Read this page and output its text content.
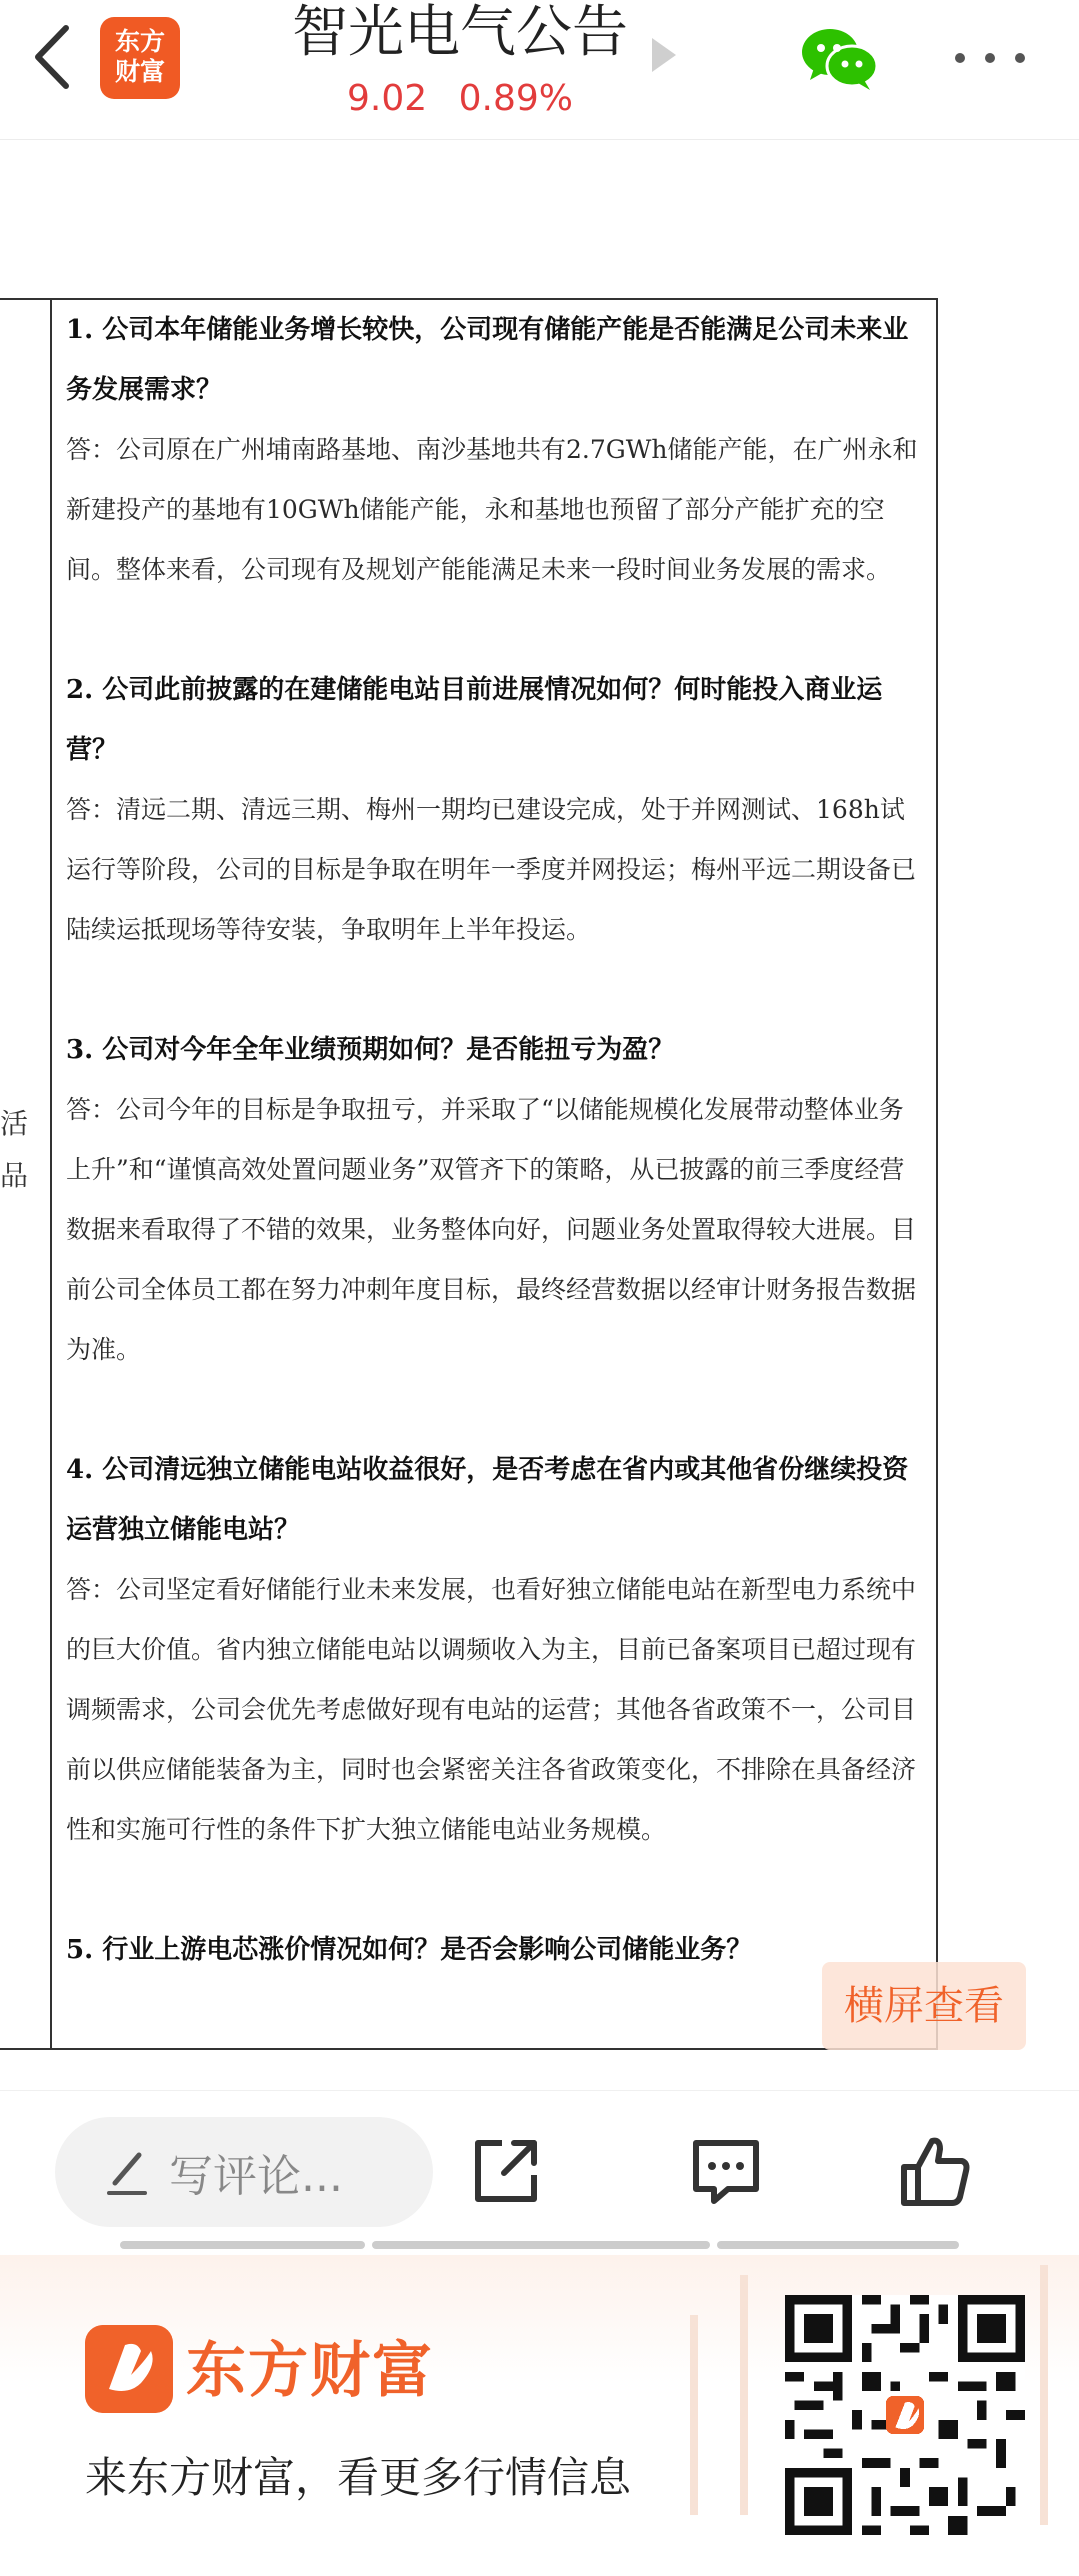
东方
财富
智光电气公告
9.02 0.89%
活
品
1. 公司本年储能业务增长较快，公司现有储能产能是否能满足公司未来业务发展需求？
答：公司原在广州埔南路基地、南沙基地共有2.7GWh储能产能，在广州永和新建投产的基地有10GWh储能产能，永和基地也预留了部分产能扩充的空间。整体来看，公司现有及规划产能能满足未来一段时间业务发展的需求。
2. 公司此前披露的在建储能电站目前进展情况如何？何时能投入商业运营？
答：清远二期、清远三期、梅州一期均已建设完成，处于并网测试、168h试运行等阶段，公司的目标是争取在明年一季度并网投运；梅州平远二期设备已陆续运抵现场等待安装，争取明年上半年投运。
3. 公司对今年全年业绩预期如何？是否能扭亏为盈？
答：公司今年的目标是争取扭亏，并采取了“以储能规模化发展带动整体业务上升”和“谨慎高效处置问题业务”双管齐下的策略，从已披露的前三季度经营数据来看取得了不错的效果，业务整体向好，问题业务处置取得较大进展。目前公司全体员工都在努力冲刺年度目标，最终经营数据以经审计财务报告数据为准。
4. 公司清远独立储能电站收益很好，是否考虑在省内或其他省份继续投资运营独立储能电站？
答：公司坚定看好储能行业未来发展，也看好独立储能电站在新型电力系统中的巨大价值。省内独立储能电站以调频收入为主，目前已备案项目已超过现有调频需求，公司会优先考虑做好现有电站的运营；其他各省政策不一，公司目前以供应储能装备为主，同时也会紧密关注各省政策变化，不排除在具备经济性和实施可行性的条件下扩大独立储能电站业务规模。
5. 行业上游电芯涨价情况如何？是否会影响公司储能业务？
横屏查看
写评论...
东方财富
来东方财富，看更多行情信息
